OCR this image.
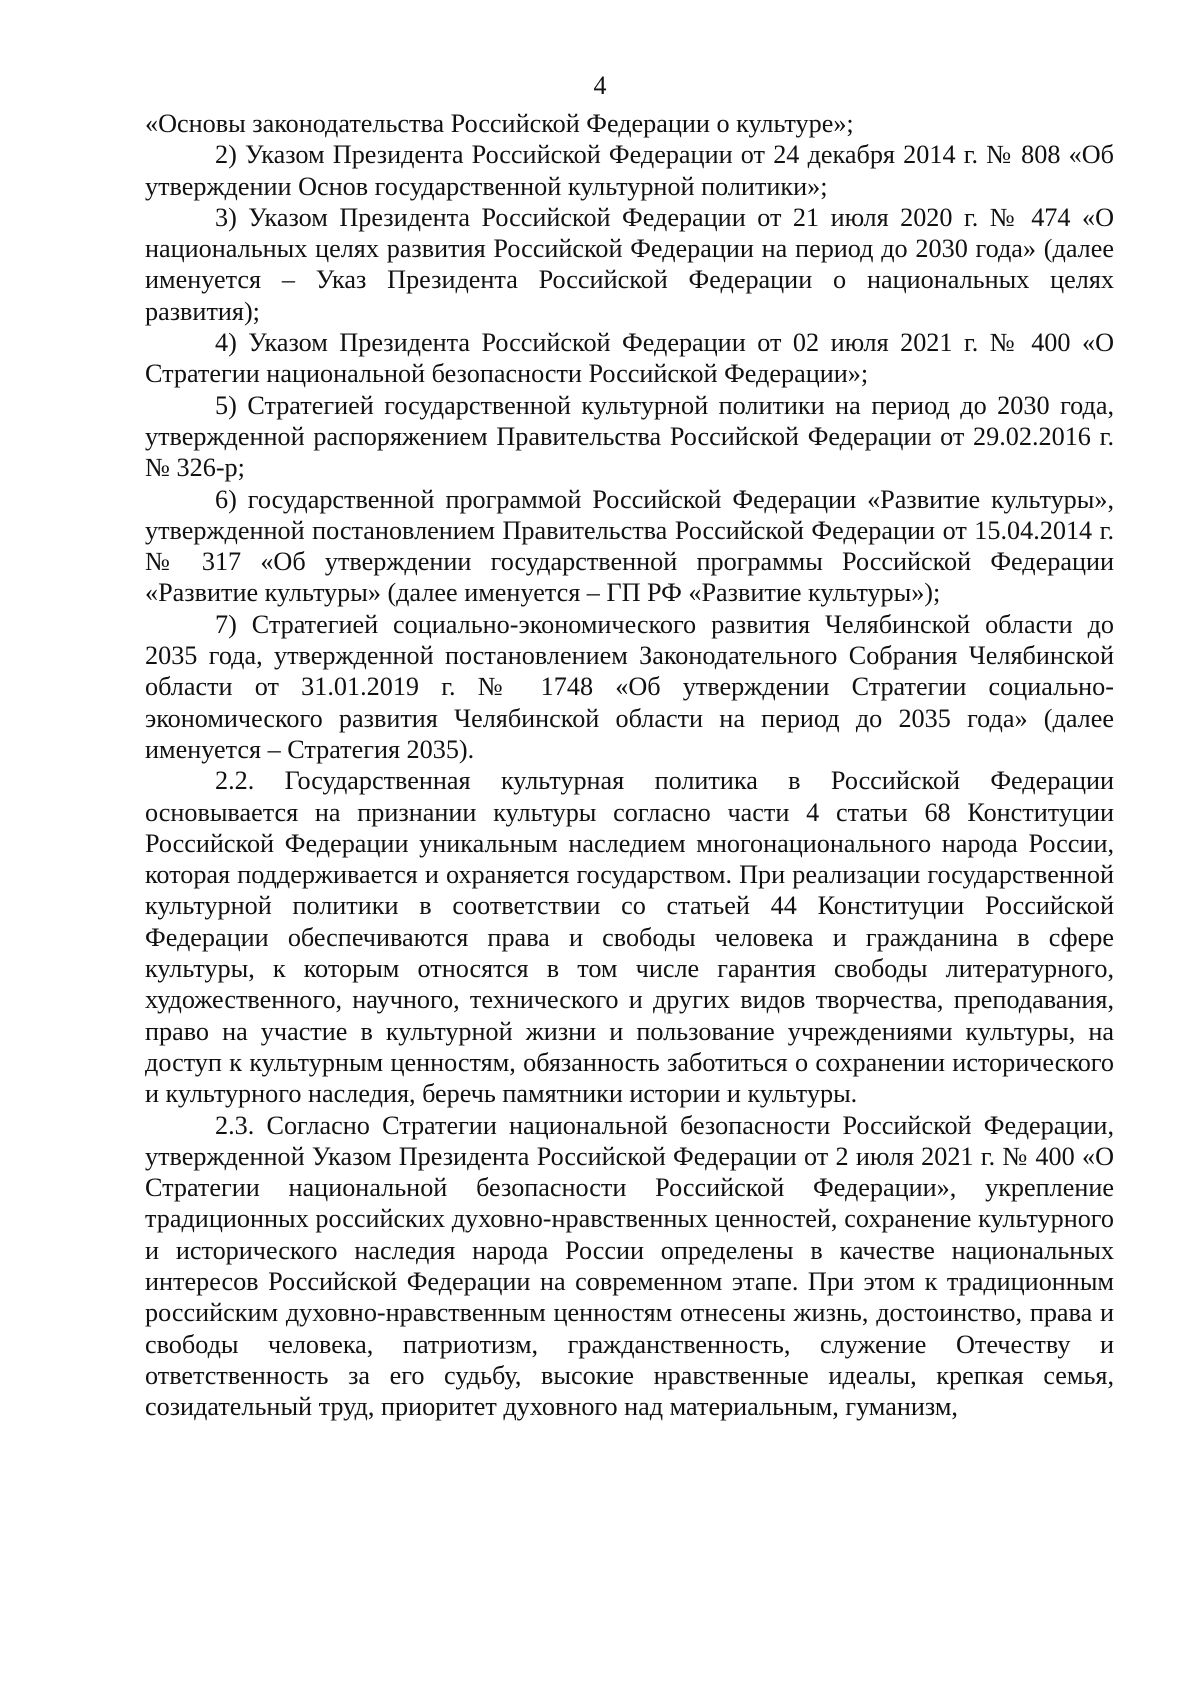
4

«Основы законодательства Российской Федерации о культуре»;

2) Указом Президента Российской Федерации от 24 декабря 2014 г. № 808 «Об утверждении Основ государственной культурной политики»;

3) Указом Президента Российской Федерации от 21 июля 2020 г. № 474 «О национальных целях развития Российской Федерации на период до 2030 года» (далее именуется – Указ Президента Российской Федерации о национальных целях развития);

4) Указом Президента Российской Федерации от 02 июля 2021 г. № 400 «О Стратегии национальной безопасности Российской Федерации»;

5) Стратегией государственной культурной политики на период до 2030 года, утвержденной распоряжением Правительства Российской Федерации от 29.02.2016 г. № 326-р;

6) государственной программой Российской Федерации «Развитие культуры», утвержденной постановлением Правительства Российской Федерации от 15.04.2014 г. № 317 «Об утверждении государственной программы Российской Федерации «Развитие культуры» (далее именуется – ГП РФ «Развитие культуры»);

7) Стратегией социально-экономического развития Челябинской области до 2035 года, утвержденной постановлением Законодательного Собрания Челябинской области от 31.01.2019 г. № 1748 «Об утверждении Стратегии социально-экономического развития Челябинской области на период до 2035 года» (далее именуется – Стратегия 2035).

2.2. Государственная культурная политика в Российской Федерации основывается на признании культуры согласно части 4 статьи 68 Конституции Российской Федерации уникальным наследием многонационального народа России, которая поддерживается и охраняется государством. При реализации государственной культурной политики в соответствии со статьей 44 Конституции Российской Федерации обеспечиваются права и свободы человека и гражданина в сфере культуры, к которым относятся в том числе гарантия свободы литературного, художественного, научного, технического и других видов творчества, преподавания, право на участие в культурной жизни и пользование учреждениями культуры, на доступ к культурным ценностям, обязанность заботиться о сохранении исторического и культурного наследия, беречь памятники истории и культуры.

2.3. Согласно Стратегии национальной безопасности Российской Федерации, утвержденной Указом Президента Российской Федерации от 2 июля 2021 г. № 400 «О Стратегии национальной безопасности Российской Федерации», укрепление традиционных российских духовно-нравственных ценностей, сохранение культурного и исторического наследия народа России определены в качестве национальных интересов Российской Федерации на современном этапе. При этом к традиционным российским духовно-нравственным ценностям отнесены жизнь, достоинство, права и свободы человека, патриотизм, гражданственность, служение Отечеству и ответственность за его судьбу, высокие нравственные идеалы, крепкая семья, созидательный труд, приоритет духовного над материальным, гуманизм,
